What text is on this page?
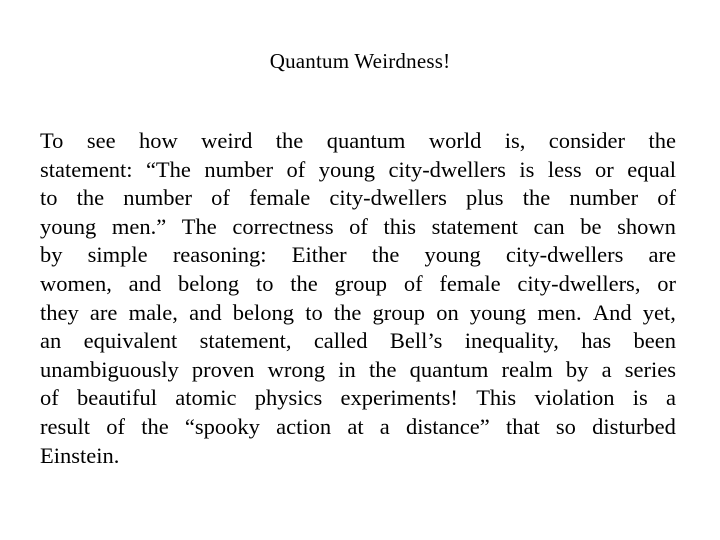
Quantum Weirdness!
To see how weird the quantum world is, consider the
statement: “The number of young city-dwellers is less or equal
to the number of female city-dwellers plus the number of
young men.” The correctness of this statement can be shown
by simple reasoning: Either the young city-dwellers are
women, and belong to the group of female city-dwellers, or
they are male, and belong to the group on young men. And yet,
an equivalent statement, called Bell’s inequality, has been
unambiguously proven wrong in the quantum realm by a series
of beautiful atomic physics experiments! This violation is a
result of the “spooky action at a distance” that so disturbed
Einstein.
